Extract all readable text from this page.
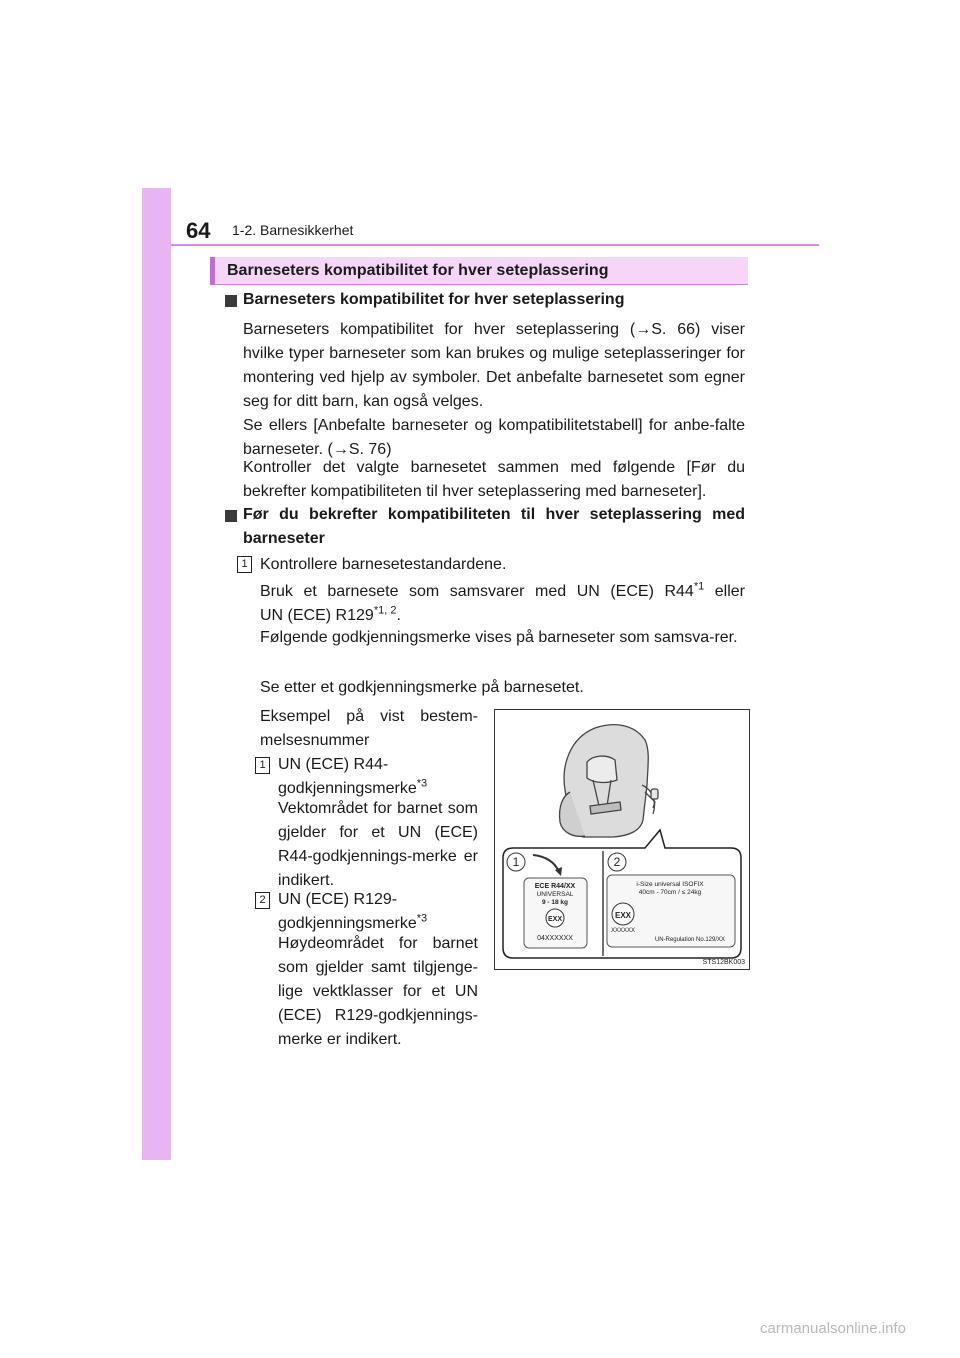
64 1-2. Barnesikkerhet
Barneseters kompatibilitet for hver seteplassering
Barneseters kompatibilitet for hver seteplassering
Barneseters kompatibilitet for hver seteplassering (→S. 66) viser hvilke typer barneseter som kan brukes og mulige seteplasseringer for montering ved hjelp av symboler. Det anbefalte barnesetet som egner seg for ditt barn, kan også velges.
Se ellers [Anbefalte barneseter og kompatibilitetstabell] for anbe-falte barneseter. (→S. 76)
Kontroller det valgte barnesetet sammen med følgende [Før du bekrefter kompatibiliteten til hver seteplassering med barneseter].
Før du bekrefter kompatibiliteten til hver seteplassering med
barneseter
1 Kontrollere barnesetestandardene.
Bruk et barnesete som samsvarer med UN (ECE) R44$^{*1}$ eller
UN (ECE) R129$^{*1, 2}$.
Følgende godkjenningsmerke vises på barneseter som samsva-rer.
Se etter et godkjenningsmerke på barnesetet.
Eksempel på vist bestem-melsesnummer
1 UN (ECE) R44-
godkjenningsmerke$^{*3}$
Vektområdet for barnet som gjelder for et UN (ECE) R44-godkjennings-merke er indikert.
2 UN (ECE) R129-
godkjenningsmerke$^{*3}$
Høydeområdet for barnet som gjelder samt tilgjenge-lige vektklasser for et UN (ECE) R129-godkjennings-merke er indikert.
1	2
ECE R44/XX
UNIVERSAL
9 - 18 kg
EXX
04XXXXXX
i-Size universal ISOFIX
40cm - 70cm / ≤ 24kg
EXX
XXXXXX
UN-Regulation No.129/XX
STS12BK003
carmanualsonline.info
